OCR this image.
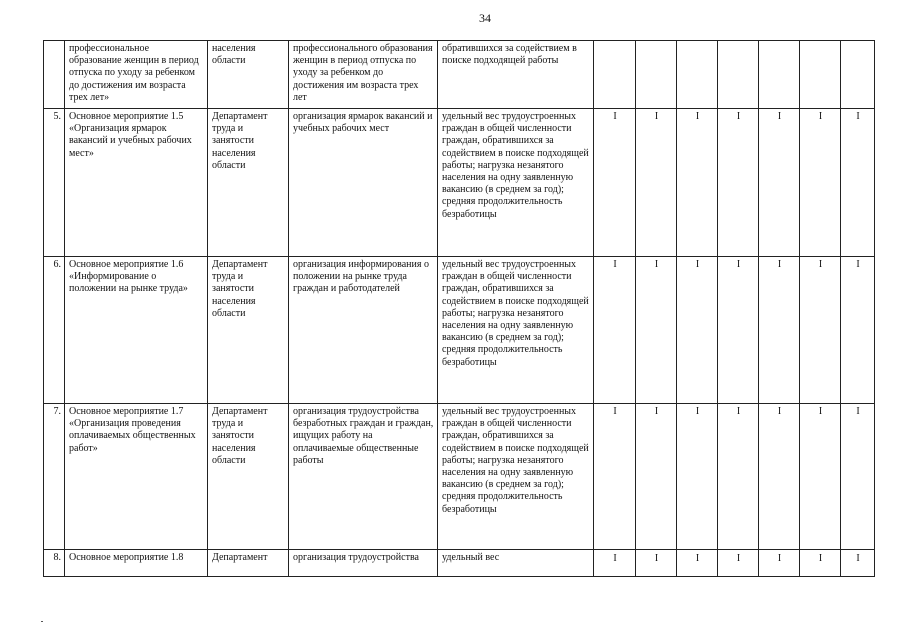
34
	профессиональное образование женщин в период отпуска по уходу за ребенком до достижения им возраста трех лет»	населения области	профессионального образования женщин в период отпуска по уходу за ребенком до достижения им возраста трех лет	обратившихся за содействием в поиске подходящей работы							
5.	Основное мероприятие 1.5 «Организация ярмарок вакансий и учебных рабочих мест»	Департамент труда и занятости населения области	организация ярмарок вакансий и учебных рабочих мест	удельный вес трудоустроенных граждан в общей численности граждан, обратившихся за содействием в поиске подходящей работы; нагрузка незанятого населения на одну заявленную вакансию (в среднем за год); средняя продолжительность безработицы	I	I	I	I	I	I	I
6.	Основное мероприятие 1.6 «Информирование о положении на рынке труда»	Департамент труда и занятости населения области	организация информирования о положении на рынке труда граждан и работодателей	удельный вес трудоустроенных граждан в общей численности граждан, обратившихся за содействием в поиске подходящей работы; нагрузка незанятого населения на одну заявленную вакансию (в среднем за год); средняя продолжительность безработицы	I	I	I	I	I	I	I
7.	Основное мероприятие 1.7 «Организация проведения оплачиваемых общественных работ»	Департамент труда и занятости населения области	организация трудоустройства безработных граждан и граждан, ищущих работу на оплачиваемые общественные работы	удельный вес трудоустроенных граждан в общей численности граждан, обратившихся за содействием в поиске подходящей работы; нагрузка незанятого населения на одну заявленную вакансию (в среднем за год); средняя продолжительность безработицы	I	I	I	I	I	I	I
8.	Основное мероприятие 1.8	Департамент	организация трудоустройства	удельный вес	I	I	I	I	I	I	I
